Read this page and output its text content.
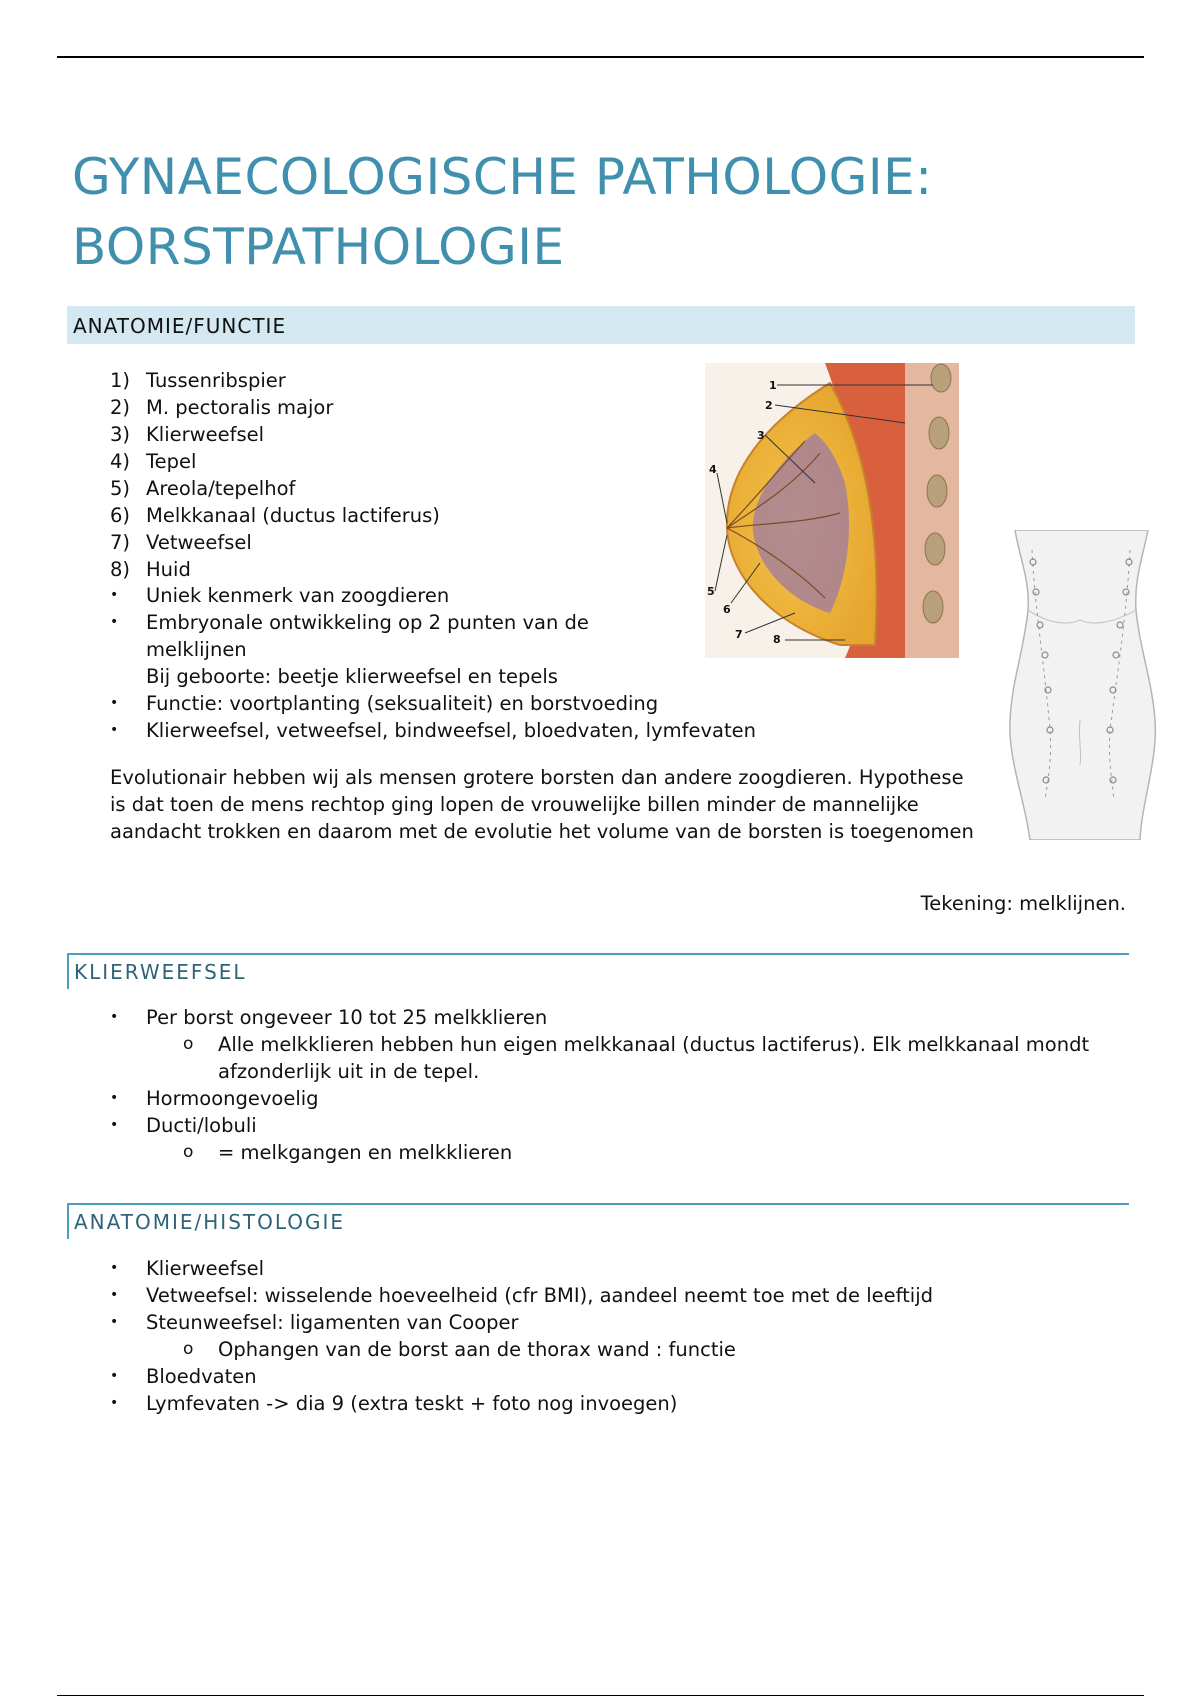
GYNAECOLOGISCHE PATHOLOGIE:
BORSTPATHOLOGIE
ANATOMIE/FUNCTIE
1) Tussenribspier
2) M. pectoralis major
3) Klierweefsel
4) Tepel
5) Areola/tepelhof
6) Melkkanaal (ductus lactiferus)
7) Vetweefsel
8) Huid
•	Uniek kenmerk van zoogdieren
•	Embryonale ontwikkeling op 2 punten van de
melklijnen
Bij geboorte: beetje klierweefsel en tepels
•	Functie: voortplanting (seksualiteit) en borstvoeding
•	Klierweefsel, vetweefsel, bindweefsel, bloedvaten, lymfevaten

Evolutionair hebben wij als mensen grotere borsten dan andere zoogdieren. Hypothese is dat toen de mens rechtop ging lopen de vrouwelijke billen minder de mannelijke aandacht trokken en daarom met de evolutie het volume van de borsten is toegenomen

Tekening: melklijnen.

1
2
3
4
5
6
7	8
KLIERWEEFSEL
•	Per borst ongeveer 10 tot 25 melkklieren
o	Alle melkklieren hebben hun eigen melkkanaal (ductus lactiferus). Elk melkkanaal mondt afzonderlijk uit in de tepel.
•	Hormoongevoelig
•	Ducti/lobuli
o	= melkgangen en melkklieren
ANATOMIE/HISTOLOGIE
•	Klierweefsel
•	Vetweefsel: wisselende hoeveelheid (cfr BMI), aandeel neemt toe met de leeftijd
•	Steunweefsel: ligamenten van Cooper
o	Ophangen van de borst aan de thorax wand : functie
•	Bloedvaten
•	Lymfevaten -> dia 9 (extra teskt + foto nog invoegen)
